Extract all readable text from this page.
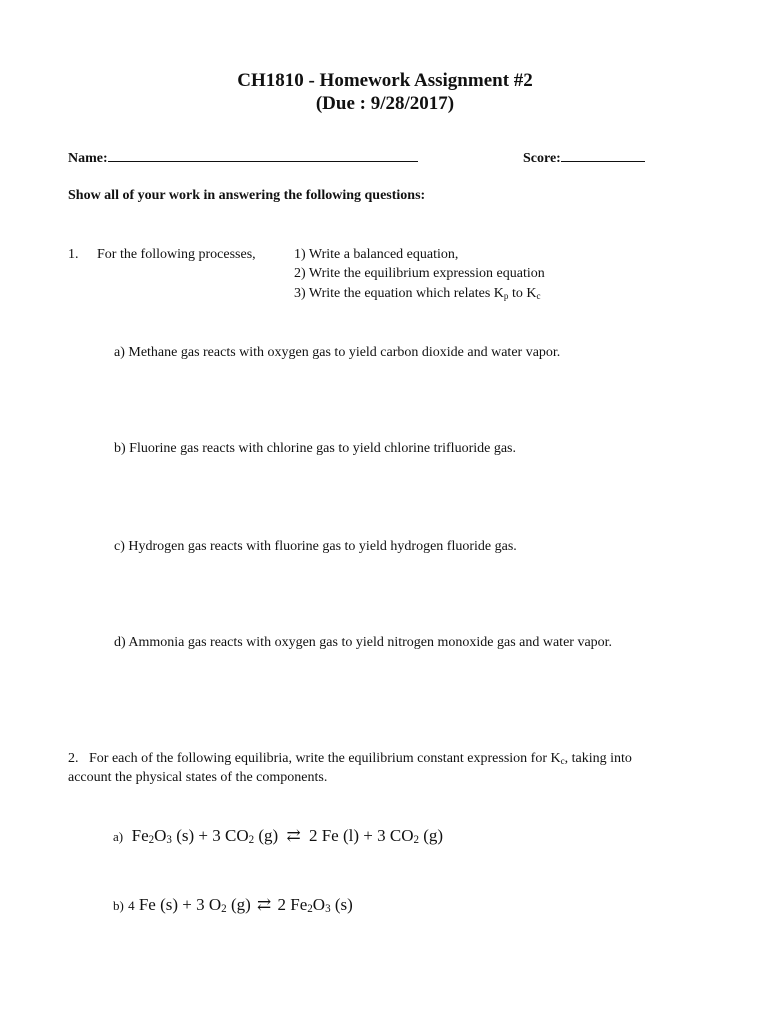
CH1810 - Homework Assignment #2
(Due : 9/28/2017)
Name:	Score:
Show all of your work in answering the following questions:
1. For the following processes,	1) Write a balanced equation,
2) Write the equilibrium expression equation
3) Write the equation which relates $K_p$ to $K_c$
a) Methane gas reacts with oxygen gas to yield carbon dioxide and water vapor.
b) Fluorine gas reacts with chlorine gas to yield chlorine trifluoride gas.
c) Hydrogen gas reacts with fluorine gas to yield hydrogen fluoride gas.
d) Ammonia gas reacts with oxygen gas to yield nitrogen monoxide gas and water vapor.
2. For each of the following equilibria, write the equilibrium constant expression for $K_c$, taking into
account the physical states of the components.
a) $Fe_2O_3$ (s) + 3 $CO_2$ (g) ⇄ 2 Fe (l) + 3 $CO_2$ (g)
b) 4 Fe (s) + 3 $O_2$ (g) ⇄ 2 $Fe_2O_3$ (s)
